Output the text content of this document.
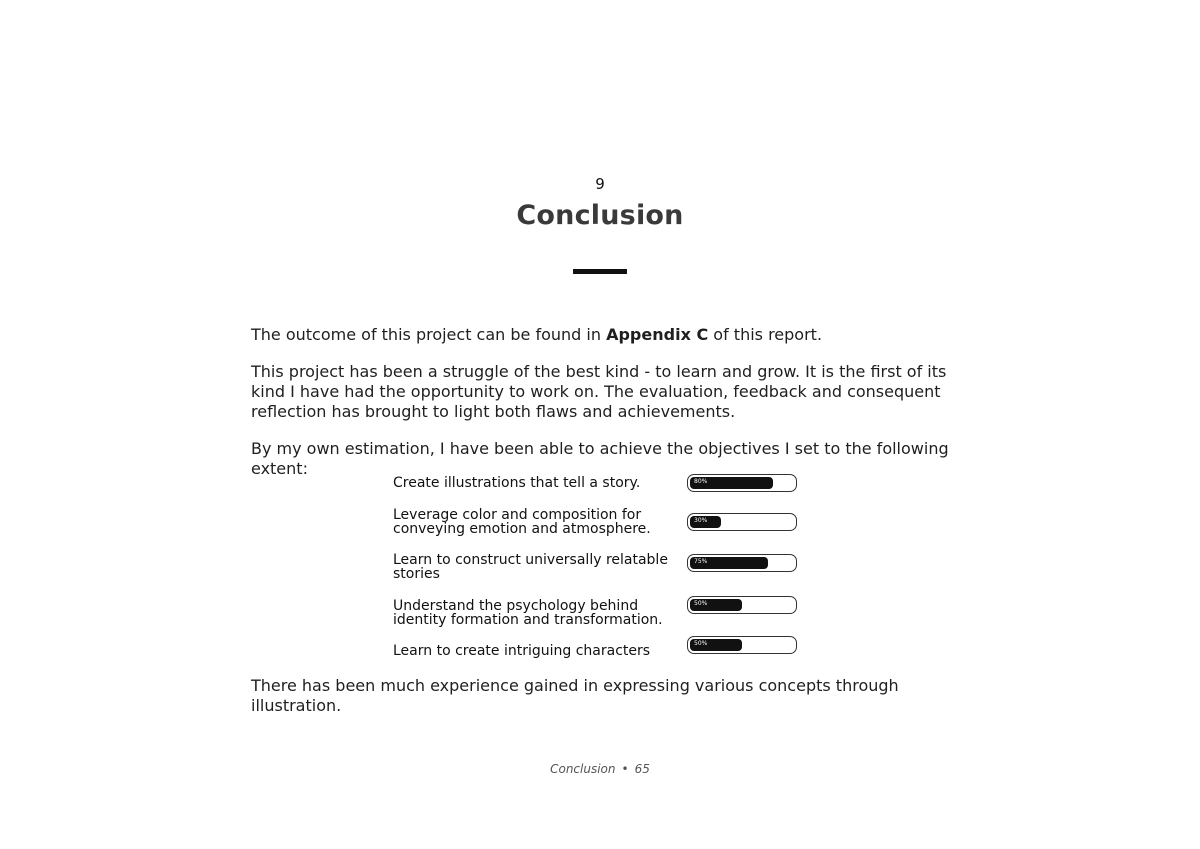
9
Conclusion

The outcome of this project can be found in Appendix C of this report.

This project has been a struggle of the best kind - to learn and grow. It is the first of its kind I have had the opportunity to work on. The evaluation, feedback and consequent reflection has brought to light both flaws and achievements.

By my own estimation, I have been able to achieve the objectives I set to the following extent:

Create illustrations that tell a story.	80%
Leverage color and composition for conveying emotion and atmosphere.
30%
Learn to construct universally relatable stories
75%
Understand the psychology behind identity formation and transformation.
50%
Learn to create intriguing characters	50%

There has been much experience gained in expressing various concepts through illustration.

Conclusion • 65
